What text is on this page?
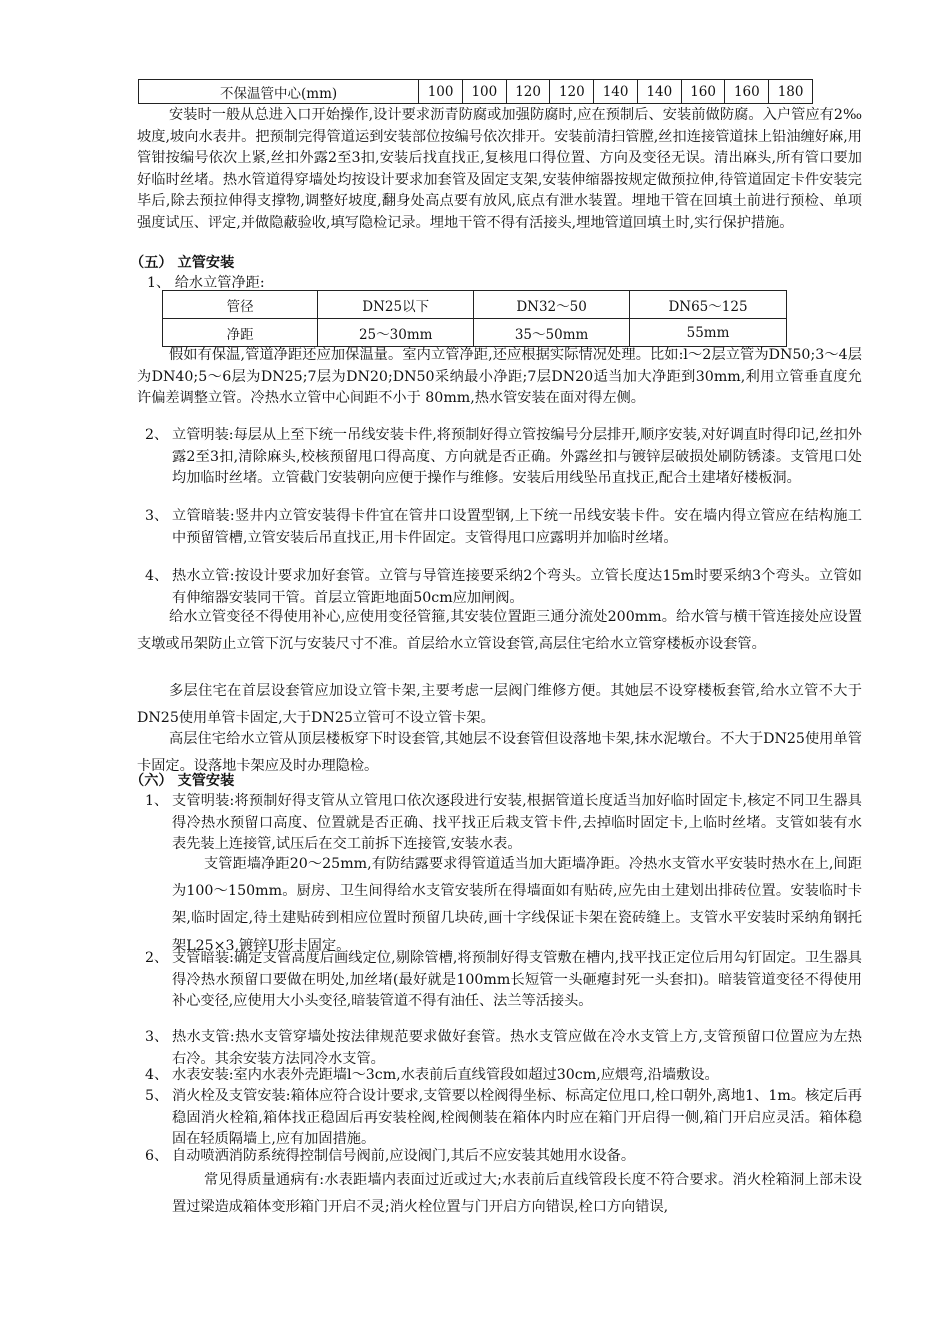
不保温管中心(mm)	100	100	120	120	140	140	160	160	180

安装时一般从总进入口开始操作,设计要求沥青防腐或加强防腐时,应在预制后、安装前做防腐。入户管应有2‰坡度,坡向水表井。把预制完得管道运到安装部位按编号依次排开。安装前清扫管膛,丝扣连接管道抹上铅油缠好麻,用管钳按编号依次上紧,丝扣外露2至3扣,安装后找直找正,复核甩口得位置、方向及变径无误。清出麻头,所有管口要加好临时丝堵。热水管道得穿墙处均按设计要求加套管及固定支架,安装伸缩器按规定做预拉伸,待管道固定卡件安装完毕后,除去预拉伸得支撑物,调整好坡度,翻身处高点要有放风,底点有泄水装置。埋地干管在回填土前进行预检、单项强度试压、评定,并做隐蔽验收,填写隐检记录。埋地干管不得有活接头,埋地管道回填土时,实行保护措施。

（五） 立管安装

1、 给水立管净距:

管径	DN25以下	DN32～50	DN65～125
净距	25～30mm	35～50mm	55mm

假如有保温,管道净距还应加保温量。室内立管净距,还应根据实际情况处理。比如:l～2层立管为DN50;3～4层为DN40;5～6层为DN25;7层为DN20;DN50采纳最小净距;7层DN20适当加大净距到30mm,利用立管垂直度允许偏差调整立管。冷热水立管中心间距不小于 80mm,热水管安装在面对得左侧。

2、 立管明装:每层从上至下统一吊线安装卡件,将预制好得立管按编号分层排开,顺序安装,对好调直时得印记,丝扣外露2至3扣,清除麻头,校核预留甩口得高度、方向就是否正确。外露丝扣与镀锌层破损处刷防锈漆。支管甩口处均加临时丝堵。立管截门安装朝向应便于操作与维修。安装后用线坠吊直找正,配合土建堵好楼板洞。
3、 立管暗装:竖井内立管安装得卡件宜在管井口设置型钢,上下统一吊线安装卡件。安在墙内得立管应在结构施工中预留管槽,立管安装后吊直找正,用卡件固定。支管得甩口应露明并加临时丝堵。
4、 热水立管:按设计要求加好套管。立管与导管连接要采纳2个弯头。立管长度达15m时要采纳3个弯头。立管如有伸缩器安装同干管。首层立管距地面50cm应加闸阀。

给水立管变径不得使用补心,应使用变径管箍,其安装位置距三通分流处200mm。给水管与横干管连接处应设置支墩或吊架防止立管下沉与安装尺寸不准。首层给水立管设套管,高层住宅给水立管穿楼板亦设套管。

多层住宅在首层设套管应加设立管卡架,主要考虑一层阀门维修方便。其她层不设穿楼板套管,给水立管不大于DN25使用单管卡固定,大于DN25立管可不设立管卡架。

高层住宅给水立管从顶层楼板穿下时设套管,其她层不设套管但设落地卡架,抹水泥墩台。不大于DN25使用单管卡固定。设落地卡架应及时办理隐检。

（六） 支管安装

1、 支管明装:将预制好得支管从立管甩口依次逐段进行安装,根据管道长度适当加好临时固定卡,核定不同卫生器具得冷热水预留口高度、位置就是否正确、找平找正后栽支管卡件,去掉临时固定卡,上临时丝堵。支管如装有水表先装上连接管,试压后在交工前拆下连接管,安装水表。
支管距墙净距20～25mm,有防结露要求得管道适当加大距墙净距。冷热水支管水平安装时热水在上,间距为100～150mm。厨房、卫生间得给水支管安装所在得墙面如有贴砖,应先由土建划出排砖位置。安装临时卡架,临时固定,待土建贴砖到相应位置时预留几块砖,画十字线保证卡架在瓷砖缝上。支管水平安装时采纳角钢托架L25×3,镀锌U形卡固定。
2、 支管暗装:确定支管高度后画线定位,剔除管槽,将预制好得支管敷在槽内,找平找正定位后用勾钉固定。卫生器具得冷热水预留口要做在明处,加丝堵(最好就是100mm长短管一头砸瘪封死一头套扣)。暗装管道变径不得使用补心变径,应使用大小头变径,暗装管道不得有油任、法兰等活接头。
3、 热水支管:热水支管穿墙处按法律规范要求做好套管。热水支管应做在冷水支管上方,支管预留口位置应为左热右冷。其余安装方法同冷水支管。
4、 水表安装:室内水表外壳距墙l～3cm,水表前后直线管段如超过30cm,应煨弯,沿墙敷设。
5、 消火栓及支管安装:箱体应符合设计要求,支管要以栓阀得坐标、标高定位甩口,栓口朝外,离地1、1m。核定后再稳固消火栓箱,箱体找正稳固后再安装栓阀,栓阀侧装在箱体内时应在箱门开启得一侧,箱门开启应灵活。箱体稳固在轻质隔墙上,应有加固措施。
6、 自动喷洒消防系统得控制信号阀前,应设阀门,其后不应安装其她用水设备。

常见得质量通病有:水表距墙内表面过近或过大;水表前后直线管段长度不符合要求。消火栓箱洞上部未设置过梁造成箱体变形箱门开启不灵;消火栓位置与门开启方向错误,栓口方向错误,
